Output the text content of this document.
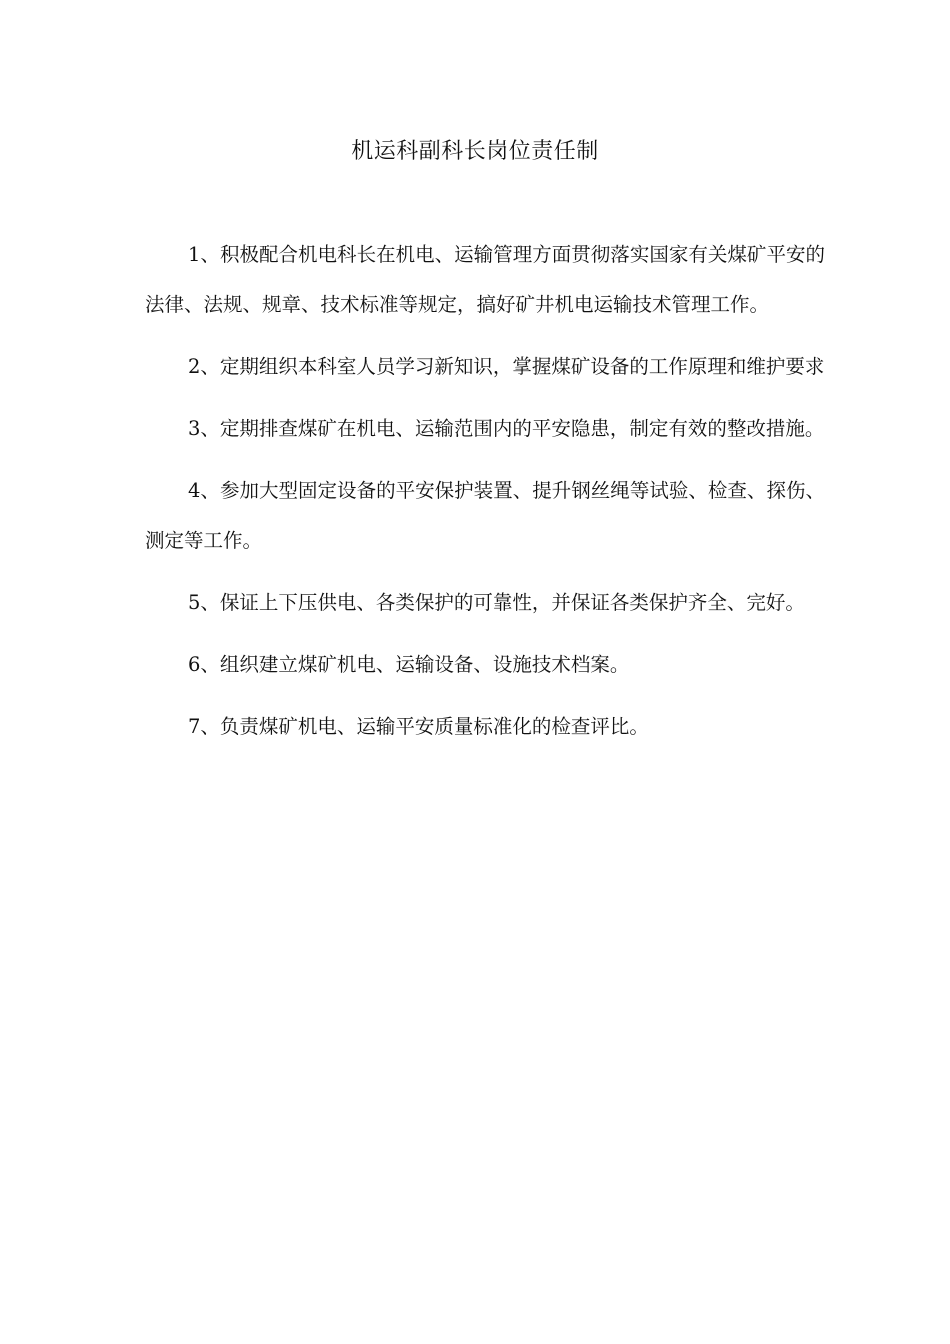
机运科副科长岗位责任制

1、积极配合机电科长在机电、运输管理方面贯彻落实国家有关煤矿平安的法律、法规、规章、技术标准等规定，搞好矿井机电运输技术管理工作。

2、定期组织本科室人员学习新知识，掌握煤矿设备的工作原理和维护要求

3、定期排查煤矿在机电、运输范围内的平安隐患，制定有效的整改措施。

4、参加大型固定设备的平安保护装置、提升钢丝绳等试验、检查、探伤、测定等工作。

5、保证上下压供电、各类保护的可靠性，并保证各类保护齐全、完好。

6、组织建立煤矿机电、运输设备、设施技术档案。

7、负责煤矿机电、运输平安质量标准化的检查评比。
